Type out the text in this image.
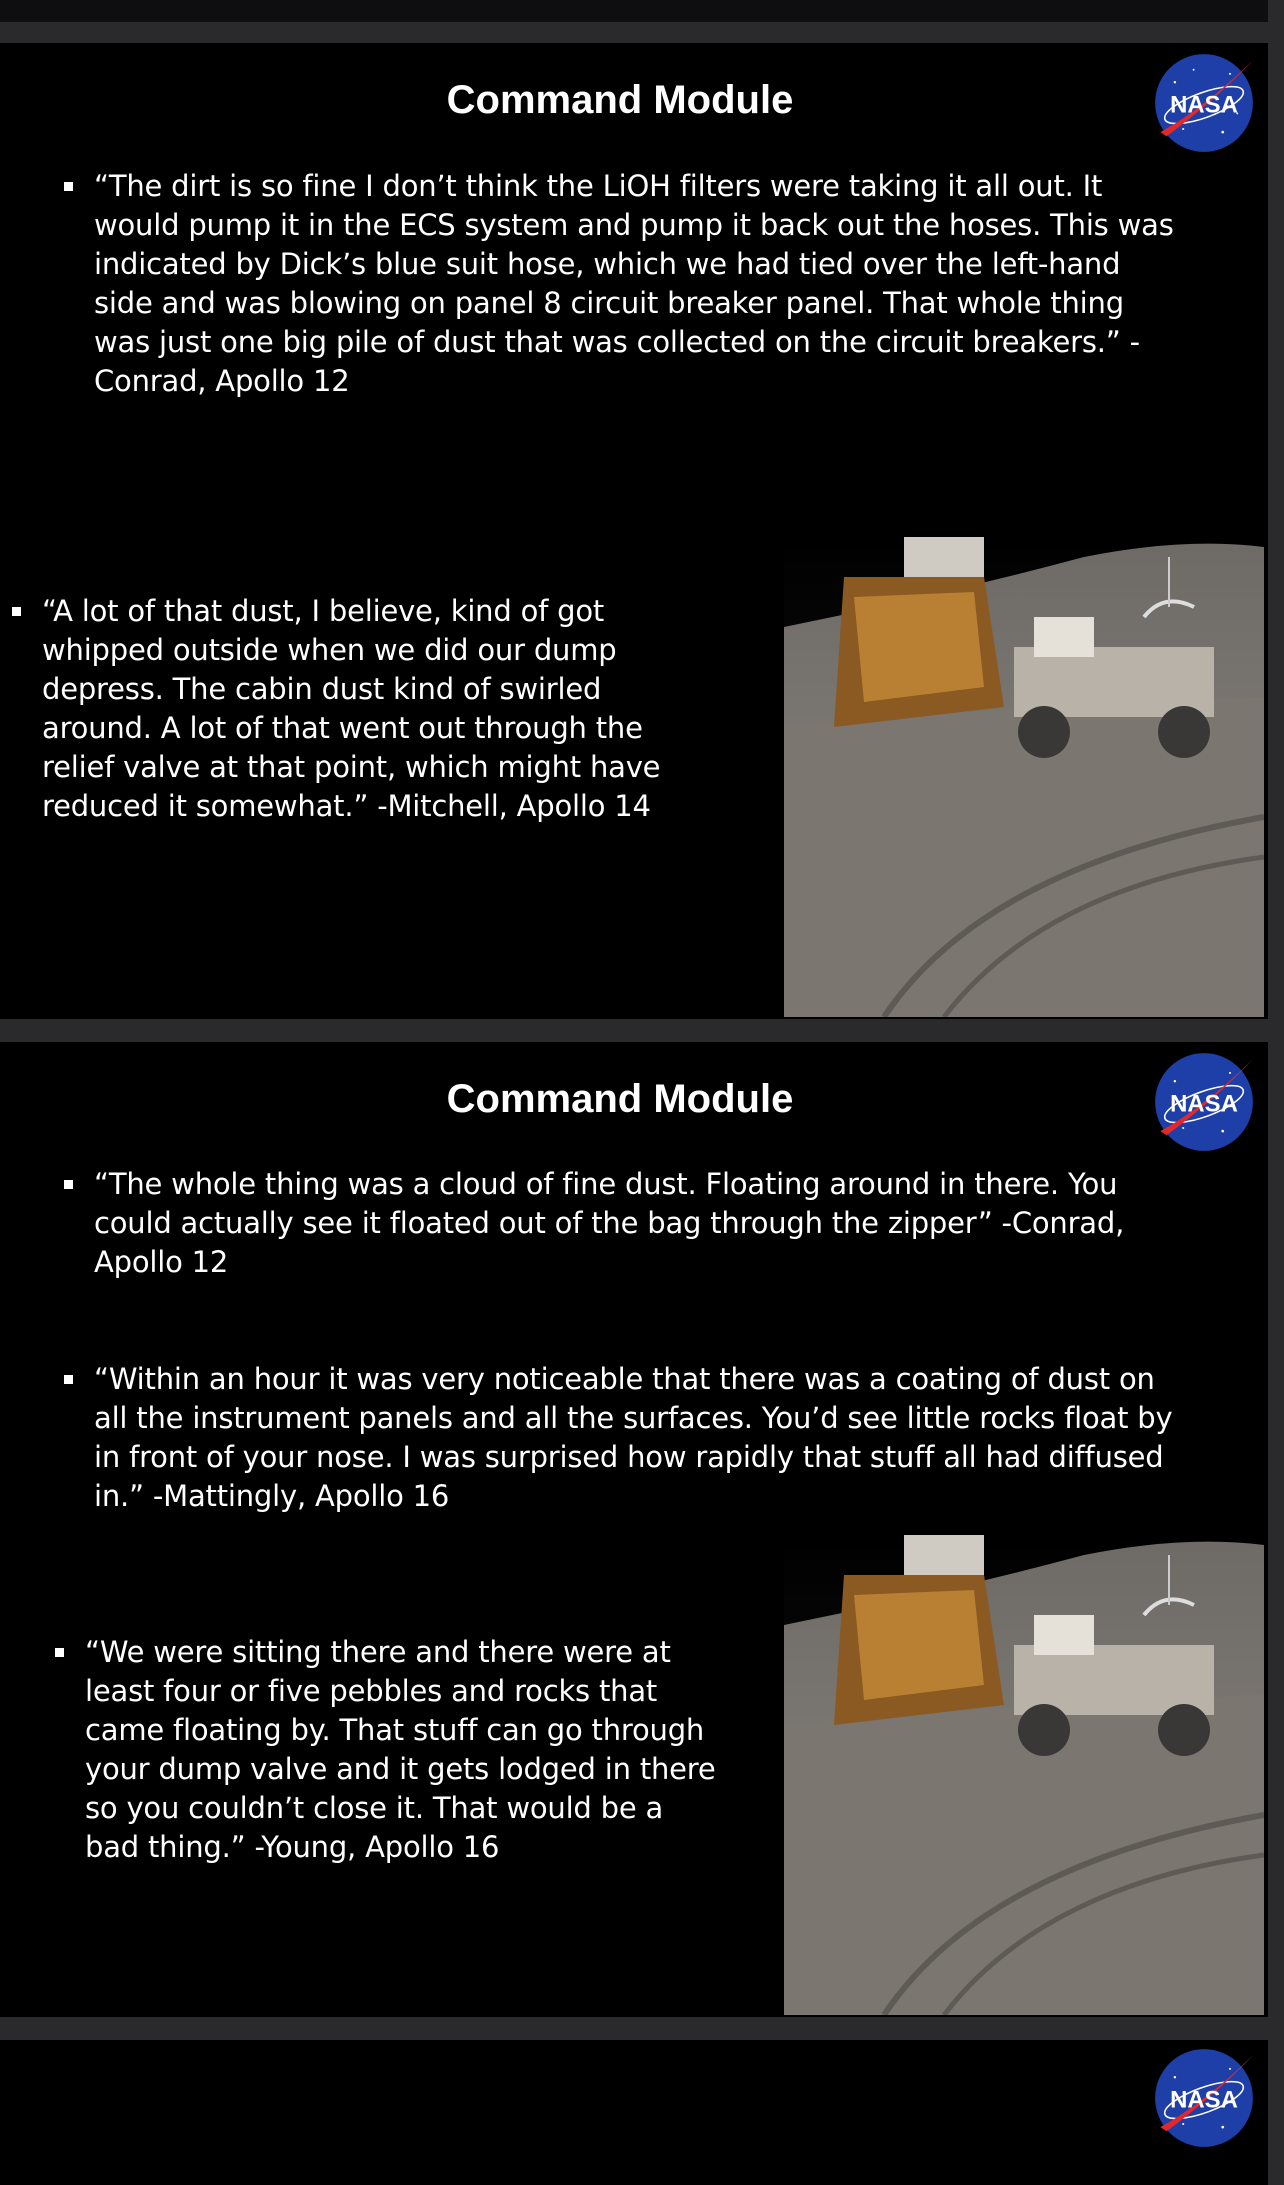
Command Module	NASA

“The dirt is so fine I don’t think the LiOH filters were taking it all out. It would pump it in the ECS system and pump it back out the hoses. This was indicated by Dick’s blue suit hose, which we had tied over the left-hand side and was blowing on panel 8 circuit breaker panel. That whole thing was just one big pile of dust that was collected on the circuit breakers.” -Conrad, Apollo 12

“A lot of that dust, I believe, kind of got whipped outside when we did our dump depress. The cabin dust kind of swirled around. A lot of that went out through the relief valve at that point, which might have reduced it somewhat.” -Mitchell, Apollo 14

Command Module	NASA

“The whole thing was a cloud of fine dust. Floating around in there. You could actually see it floated out of the bag through the zipper” -Conrad, Apollo 12

“Within an hour it was very noticeable that there was a coating of dust on all the instrument panels and all the surfaces. You’d see little rocks float by in front of your nose. I was surprised how rapidly that stuff all had diffused in.” -Mattingly, Apollo 16

“We were sitting there and there were at least four or five pebbles and rocks that came floating by. That stuff can go through your dump valve and it gets lodged in there so you couldn’t close it. That would be a bad thing.” -Young, Apollo 16

NASA
